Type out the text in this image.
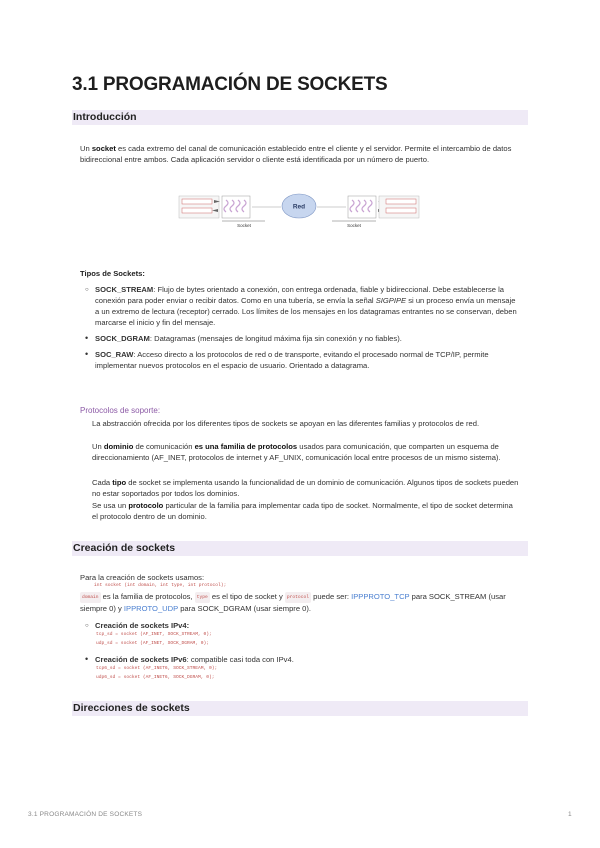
3.1 PROGRAMACIÓN DE SOCKETS
Introducción

Un socket es cada extremo del canal de comunicación establecido entre el cliente y el servidor. Permite el intercambio de datos bidireccional entre ambos. Cada aplicación servidor o cliente está identificada por un número de puerto.

Red
Socket	Socket

Tipos de Sockets:

○ SOCK_STREAM: Flujo de bytes orientado a conexión, con entrega ordenada, fiable y bidireccional. Debe establecerse la conexión para poder enviar o recibir datos. Como en una tubería, se envía la señal SIGPIPE si un proceso envía un mensaje a un extremo de lectura (receptor) cerrado. Los límites de los mensajes en los datagramas entrantes no se conservan, deben marcarse el inicio y fin del mensaje.
• SOCK_DGRAM: Datagramas (mensajes de longitud máxima fija sin conexión y no fiables).
• SOC_RAW: Acceso directo a los protocolos de red o de transporte, evitando el procesado normal de TCP/IP, permite implementar nuevos protocolos en el espacio de usuario. Orientado a datagrama.
Protocolos de soporte:

La abstracción ofrecida por los diferentes tipos de sockets se apoyan en las diferentes familias y protocolos de red.

Un dominio de comunicación es una familia de protocolos usados para comunicación, que comparten un esquema de direccionamiento (AF_INET, protocolos de internet y AF_UNIX, comunicación local entre procesos de un mismo sistema).

Cada tipo de socket se implementa usando la funcionalidad de un dominio de comunicación. Algunos tipos de sockets pueden no estar soportados por todos los dominios.

Se usa un protocolo particular de la familia para implementar cada tipo de socket. Normalmente, el tipo de socket determina el protocolo dentro de un dominio.

Creación de sockets

Para la creación de sockets usamos:

int socket (int domain, int type, int protocol);

domain es la familia de protocolos, type es el tipo de socket y protocol puede ser: IPPPROTO_TCP para SOCK_STREAM (usar siempre 0) y IPPROTO_UDP para SOCK_DGRAM (usar siempre 0).

○ Creación de sockets IPv4:
tcp_sd = socket (AF_INET, SOCK_STREAM, 0);
udp_sd = socket (AF_INET, SOCK_DGRAM, 0);
• Creación de sockets IPv6: compatible casi toda con IPv4.
tcp6_sd = socket (AF_INET6, SOCK_STREAM, 0);
udp6_sd = socket (AF_INET6, SOCK_DGRAM, 0);
Direcciones de sockets
3.1 PROGRAMACIÓN DE SOCKETS	1
